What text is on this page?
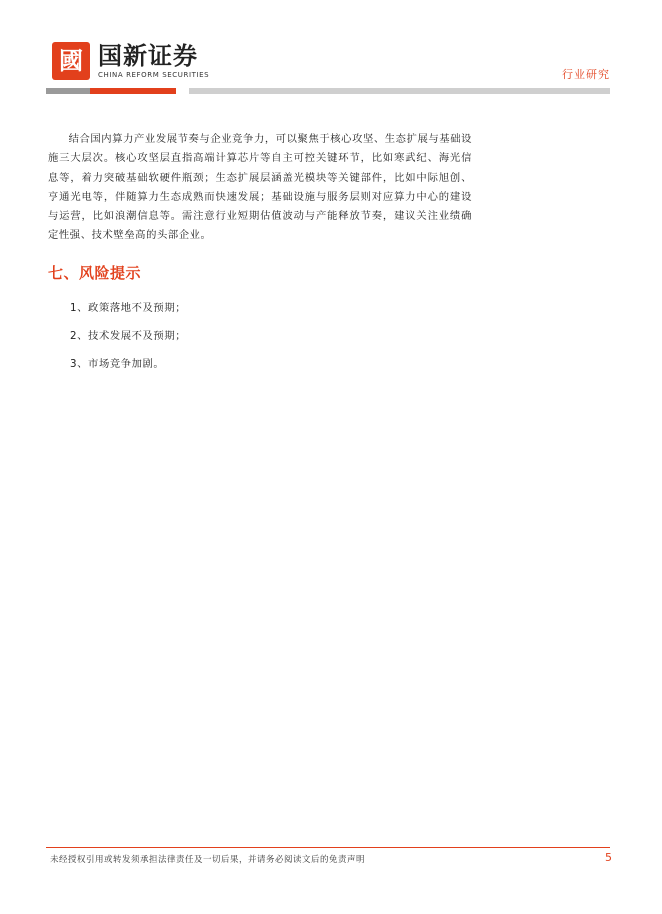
國 国新证券
CHINA REFORM SECURITIES	行业研究

结合国内算力产业发展节奏与企业竞争力，可以聚焦于核心攻坚、生态扩展与基础设施三大层次。核心攻坚层直指高端计算芯片等自主可控关键环节，比如寒武纪、海光信息等，着力突破基础软硬件瓶颈；生态扩展层涵盖光模块等关键部件，比如中际旭创、亨通光电等，伴随算力生态成熟而快速发展；基础设施与服务层则对应算力中心的建设与运营，比如浪潮信息等。需注意行业短期估值波动与产能释放节奏，建议关注业绩确定性强、技术壁垒高的头部企业。

七、风险提示
1、政策落地不及预期；
2、技术发展不及预期；
3、市场竞争加剧。
未经授权引用或转发须承担法律责任及一切后果，并请务必阅读文后的免责声明	5
